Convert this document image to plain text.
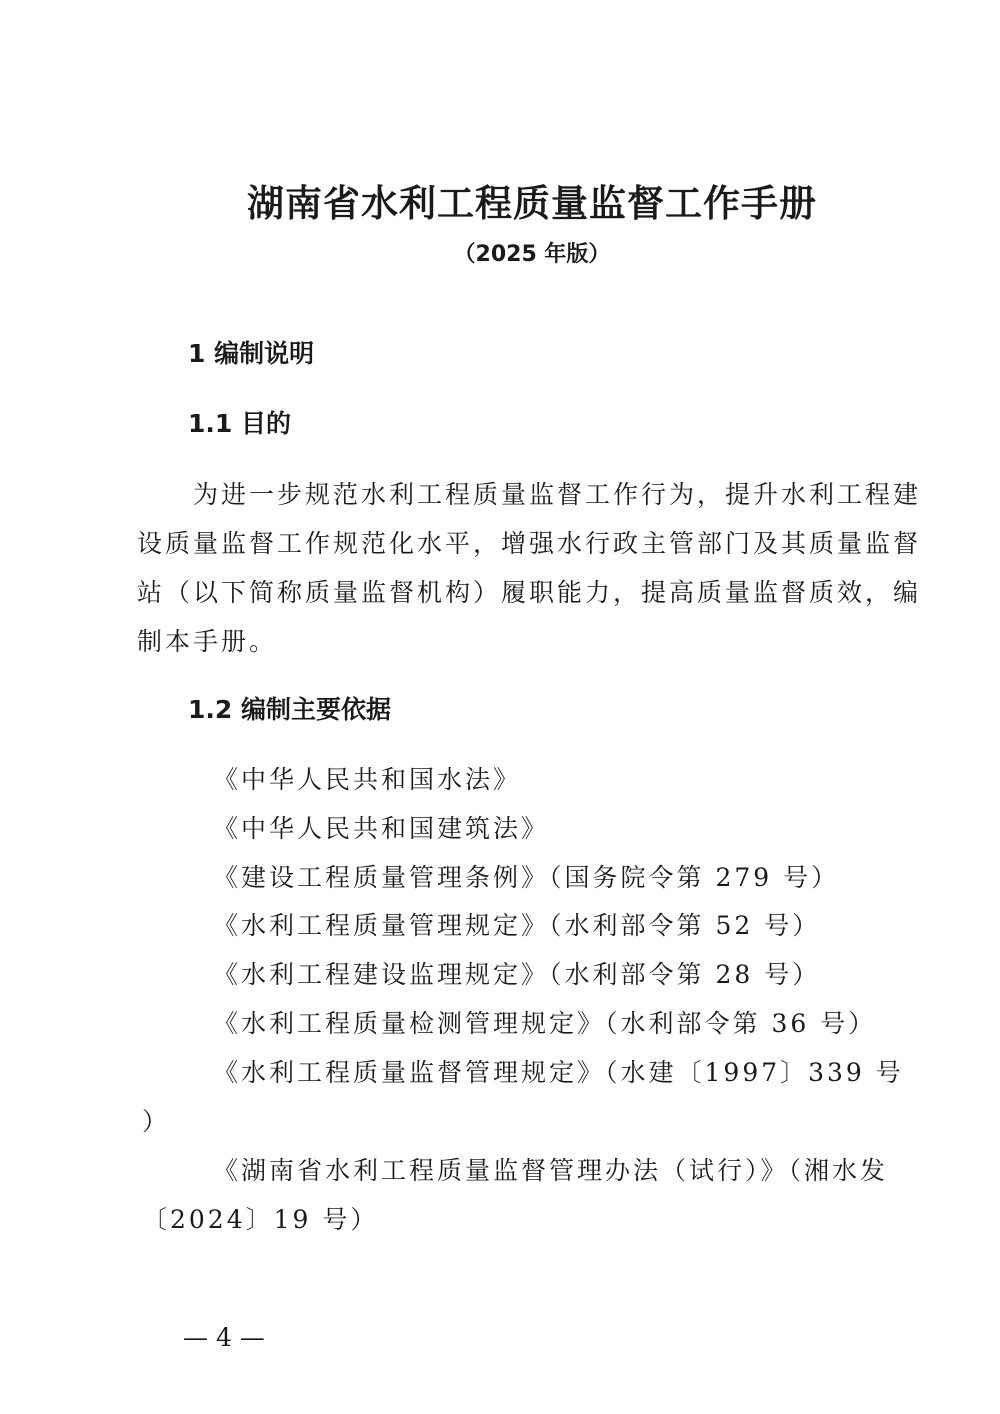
湖南省水利工程质量监督工作手册
（2025 年版）
1 编制说明
1.1 目的
　　为进一步规范水利工程质量监督工作行为，提升水利工程建
设质量监督工作规范化水平，增强水行政主管部门及其质量监督
站（以下简称质量监督机构）履职能力，提高质量监督质效，编
制本手册。
1.2 编制主要依据
《中华人民共和国水法》
《中华人民共和国建筑法》
《建设工程质量管理条例》（国务院令第 279 号）
《水利工程质量管理规定》（水利部令第 52 号）
《水利工程建设监理规定》（水利部令第 28 号）
《水利工程质量检测管理规定》（水利部令第 36 号）
《水利工程质量监督管理规定》（水建〔1997〕339 号
）
《湖南省水利工程质量监督管理办法（试行）》（湘水发
〔2024〕19 号）
— 4 —
